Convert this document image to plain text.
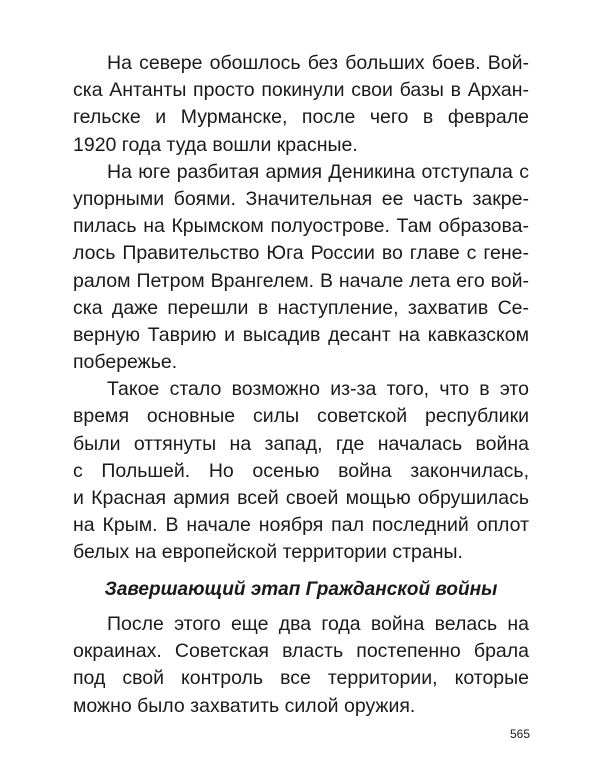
На севере обошлось без больших боев. Вой-
ска Антанты просто покинули свои базы в Архан-
гельске и Мурманске, после чего в феврале
1920 года туда вошли красные.
На юге разбитая армия Деникина отступала с
упорными боями. Значительная ее часть закре-
пилась на Крымском полуострове. Там образова-
лось Правительство Юга России во главе с гене-
ралом Петром Врангелем. В начале лета его вой-
ска даже перешли в наступление, захватив Се-
верную Таврию и высадив десант на кавказском
побережье.
Такое стало возможно из-за того, что в это
время основные силы советской республики
были оттянуты на запад, где началась война
с Польшей. Но осенью война закончилась,
и Красная армия всей своей мощью обрушилась
на Крым. В начале ноября пал последний оплот
белых на европейской территории страны.
Завершающий этап Гражданской войны
После этого еще два года война велась на
окраинах. Советская власть постепенно брала
под свой контроль все территории, которые
можно было захватить силой оружия.
565
